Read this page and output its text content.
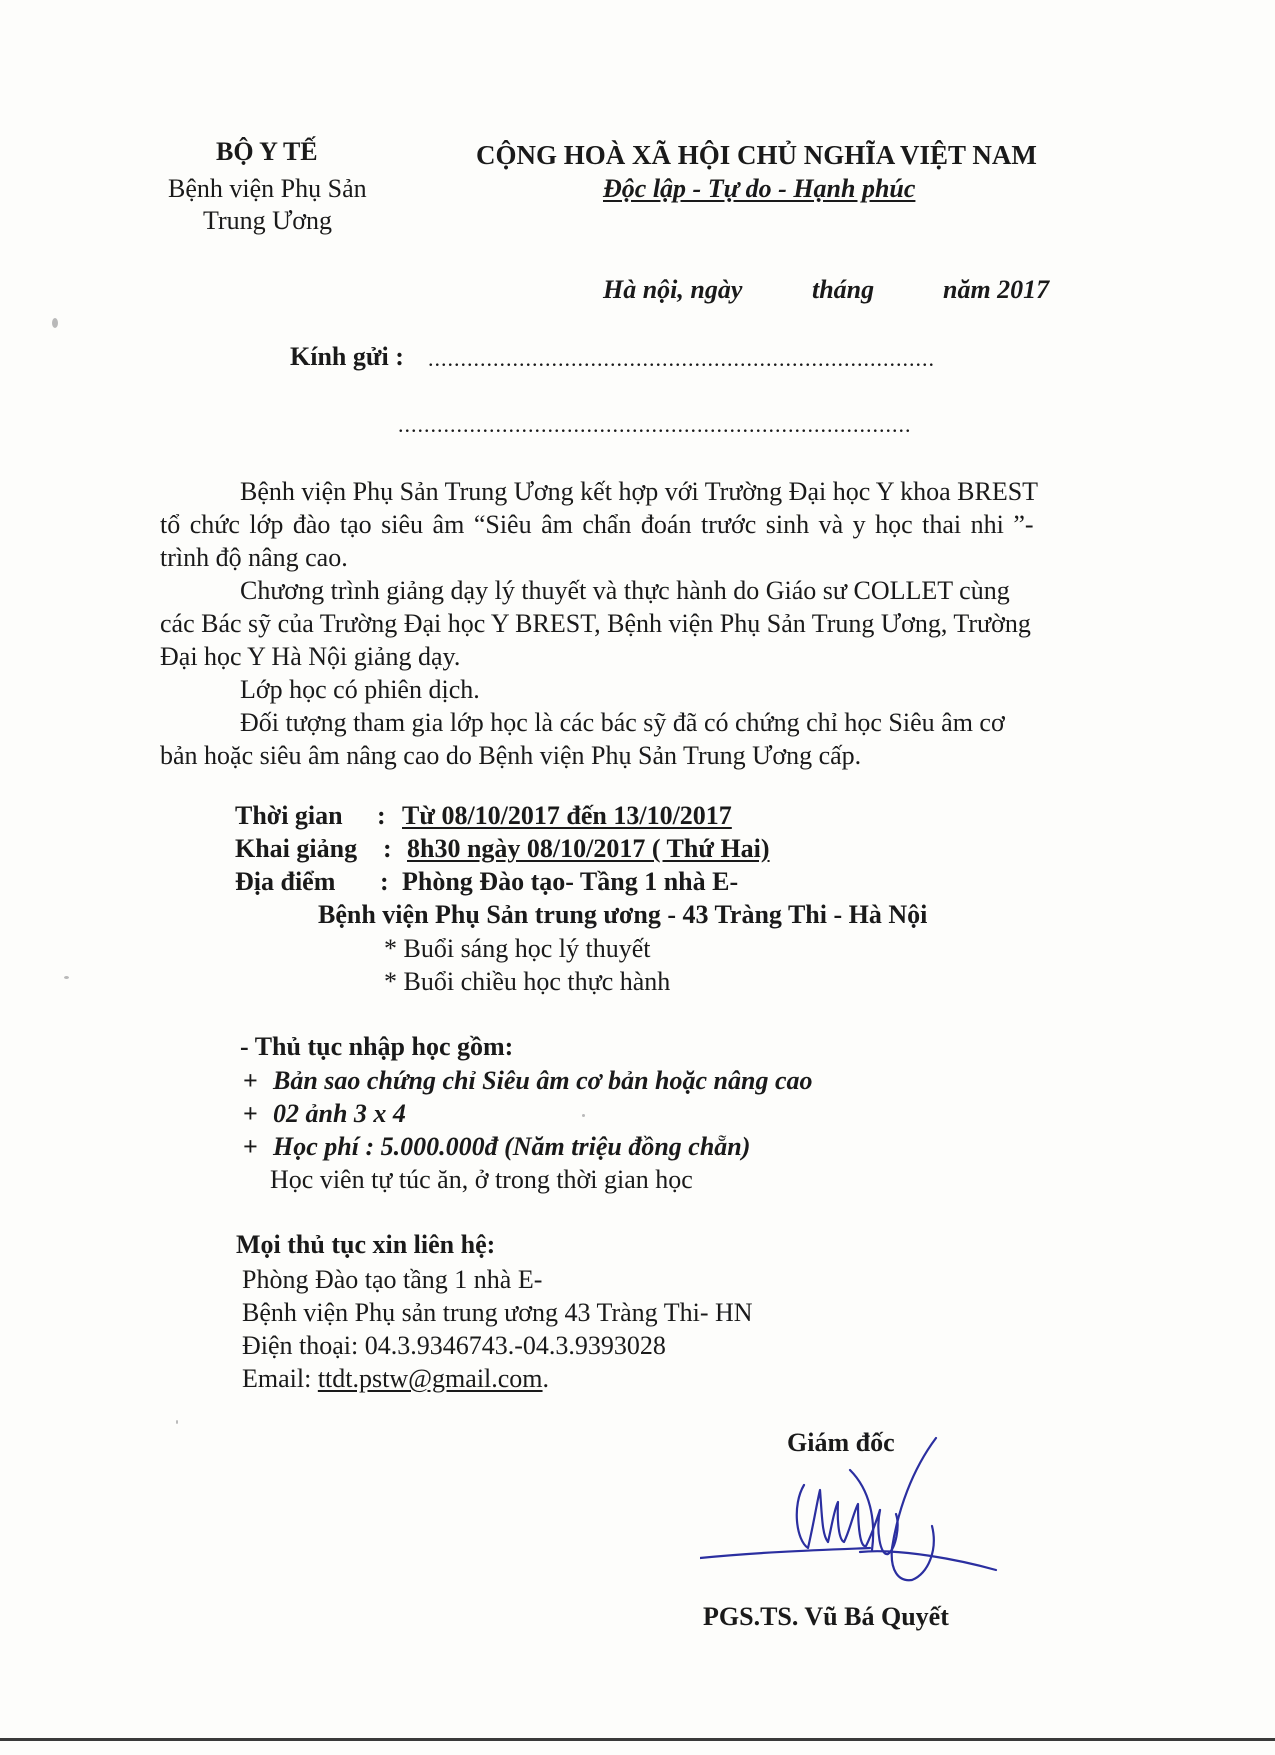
BỘ Y TẾ
Bệnh viện Phụ Sản
Trung Ương
CỘNG HOÀ XÃ HỘI CHỦ NGHĨA VIỆT NAM
Độc lập - Tự do - Hạnh phúc
Hà nội, ngày	tháng	năm 2017
Kính gửi : ..............................................................................
...............................................................................
Bệnh viện Phụ Sản Trung Ương kết hợp với Trường Đại học Y khoa BREST
tổ chức lớp đào tạo siêu âm “Siêu âm chẩn đoán trước sinh và y học thai nhi ”-
trình độ nâng cao.
Chương trình giảng dạy lý thuyết và thực hành do Giáo sư COLLET cùng
các Bác sỹ của Trường Đại học Y BREST, Bệnh viện Phụ Sản Trung Ương, Trường
Đại học Y Hà Nội giảng dạy.
Lớp học có phiên dịch.
Đối tượng tham gia lớp học là các bác sỹ đã có chứng chỉ học Siêu âm cơ
bản hoặc siêu âm nâng cao do Bệnh viện Phụ Sản Trung Ương cấp.
Thời gian : Từ 08/10/2017 đến 13/10/2017
Khai giảng : 8h30 ngày 08/10/2017 ( Thứ Hai)
Địa điểm : Phòng Đào tạo- Tầng 1 nhà E-
Bệnh viện Phụ Sản trung ương - 43 Tràng Thi - Hà Nội
* Buổi sáng học lý thuyết
* Buổi chiều học thực hành
- Thủ tục nhập học gồm:
+ Bản sao chứng chỉ Siêu âm cơ bản hoặc nâng cao
+ 02 ảnh 3 x 4
+ Học phí : 5.000.000đ (Năm triệu đồng chẵn)
Học viên tự túc ăn, ở trong thời gian học
Mọi thủ tục xin liên hệ:
Phòng Đào tạo tầng 1 nhà E-
Bệnh viện Phụ sản trung ương 43 Tràng Thi- HN
Điện thoại: 04.3.9346743.-04.3.9393028
Email: ttdt.pstw@gmail.com.
Giám đốc
PGS.TS. Vũ Bá Quyết
